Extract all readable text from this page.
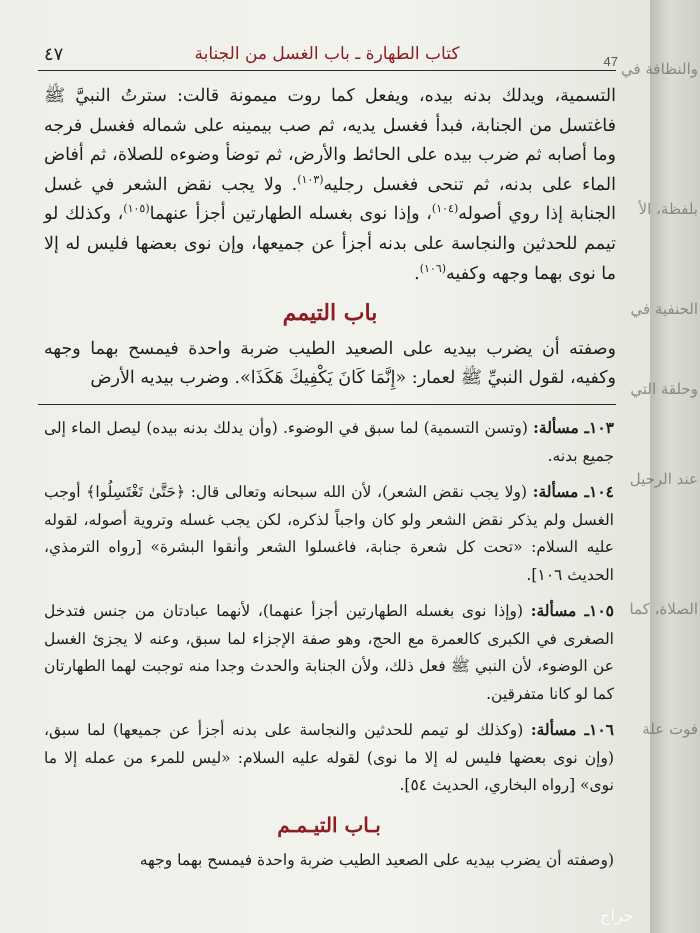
٤٧	كتاب الطهارة ـ باب الغسل من الجنابة	47

التسمية، ويدلك بدنه بيده، ويفعل كما روت ميمونة قالت: سترتُ النبيَّ ﷺ فاغتسل من الجنابة، فبدأ فغسل يديه، ثم صب بيمينه على شماله فغسل فرجه وما أصابه ثم ضرب بيده على الحائط والأرض، ثم توضأ وضوءه للصلاة، ثم أفاض الماء على بدنه، ثم تنحى فغسل رجليه$^{(١٠٣)}$. ولا يجب نقض الشعر في غسل الجنابة إذا روي أصوله$^{(١٠٤)}$، وإذا نوى بغسله الطهارتين أجزأ عنهما$^{(١٠٥)}$، وكذلك لو تيمم للحدثين والنجاسة على بدنه أجزأ عن جميعها، وإن نوى بعضها فليس له إلا ما نوى بهما وجهه وكفيه$^{(١٠٦)}$.

باب التيمم

وصفته أن يضرب بيديه على الصعيد الطيب ضربة واحدة فيمسح بهما وجهه وكفيه، لقول النبيِّ ﷺ لعمار: «إِنَّمَا كَانَ يَكْفِيكَ هَكَذَا». وضرب بيديه الأرض

١٠٣ـ مسألة: (وتسن التسمية) لما سبق في الوضوء. (وأن يدلك بدنه بيده) ليصل الماء إلى جميع بدنه.

١٠٤ـ مسألة: (ولا يجب نقض الشعر)، لأن الله سبحانه وتعالى قال: ﴿حَتَّىٰ تَغْتَسِلُوا﴾ أوجب الغسل ولم يذكر نقض الشعر ولو كان واجباً لذكره، لكن يجب غسله وتروية أصوله، لقوله عليه السلام: «تحت كل شعرة جنابة، فاغسلوا الشعر وأنقوا البشرة» [رواه الترمذي، الحديث ١٠٦].

١٠٥ـ مسألة: (وإذا نوى بغسله الطهارتين أجزأ عنهما)، لأنهما عبادتان من جنس فتدخل الصغرى في الكبرى كالعمرة مع الحج، وهو صفة الإجزاء لما سبق، وعنه لا يجزئ الغسل عن الوضوء، لأن النبي ﷺ فعل ذلك، ولأن الجنابة والحدث وجدا منه توجبت لهما الطهارتان كما لو كانا متفرقين.

١٠٦ـ مسألة: (وكذلك لو تيمم للحدثين والنجاسة على بدنه أجزأ عن جميعها) لما سبق، (وإن نوى بعضها فليس له إلا ما نوى) لقوله عليه السلام: «ليس للمرء من عمله إلا ما نوى» [رواه البخاري، الحديث ٥٤].

بـاب التيـمـم

(وصفته أن يضرب بيديه على الصعيد الطيب ضربة واحدة فيمسح بهما وجهه

والنظافة في
بلفظة، الأ
الحنفية في
وحلقة التي
عند الرحيل
الصلاة، كما
فوت علة
حراج
